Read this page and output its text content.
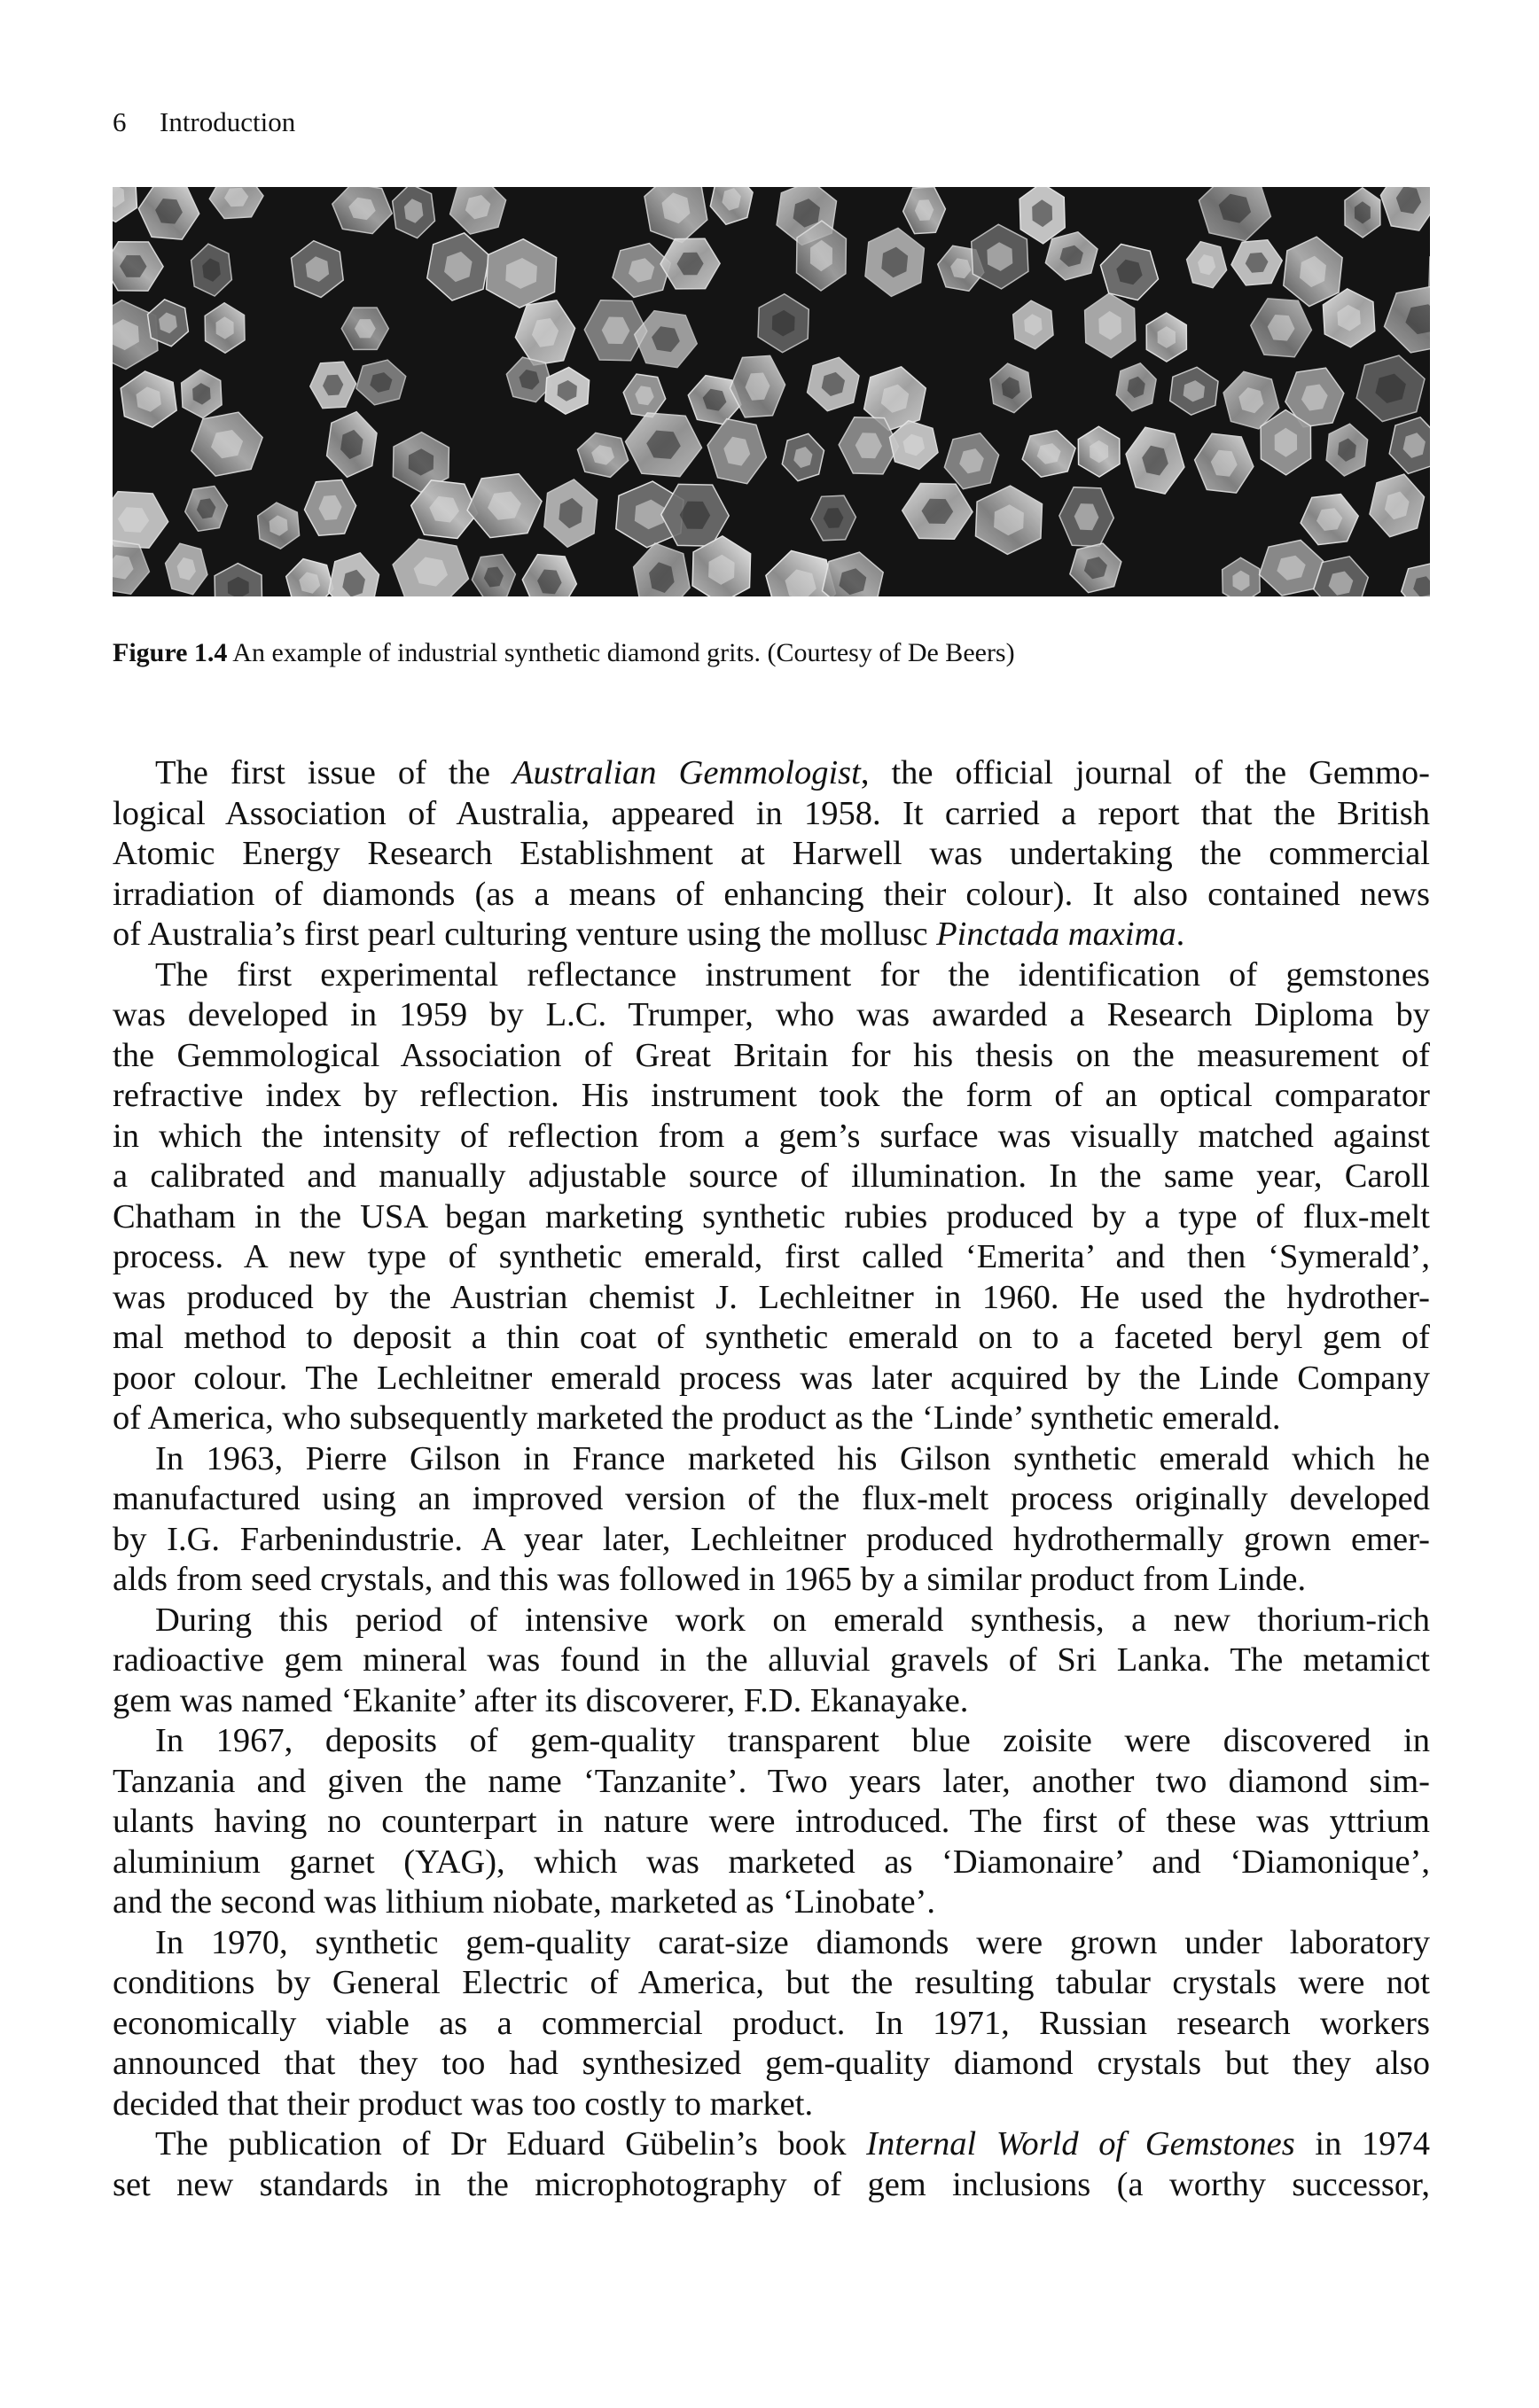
6 Introduction
Figure 1.4 An example of industrial synthetic diamond grits. (Courtesy of De Beers)
The first issue of the Australian Gemmologist, the official journal of the Gemmo-
logical Association of Australia, appeared in 1958. It carried a report that the British
Atomic Energy Research Establishment at Harwell was undertaking the commercial
irradiation of diamonds (as a means of enhancing their colour). It also contained news
of Australia’s first pearl culturing venture using the mollusc Pinctada maxima.
The first experimental reflectance instrument for the identification of gemstones
was developed in 1959 by L.C. Trumper, who was awarded a Research Diploma by
the Gemmological Association of Great Britain for his thesis on the measurement of
refractive index by reflection. His instrument took the form of an optical comparator
in which the intensity of reflection from a gem’s surface was visually matched against
a calibrated and manually adjustable source of illumination. In the same year, Caroll
Chatham in the USA began marketing synthetic rubies produced by a type of flux-melt
process. A new type of synthetic emerald, first called ‘Emerita’ and then ‘Symerald’,
was produced by the Austrian chemist J. Lechleitner in 1960. He used the hydrother-
mal method to deposit a thin coat of synthetic emerald on to a faceted beryl gem of
poor colour. The Lechleitner emerald process was later acquired by the Linde Company
of America, who subsequently marketed the product as the ‘Linde’ synthetic emerald.
In 1963, Pierre Gilson in France marketed his Gilson synthetic emerald which he
manufactured using an improved version of the flux-melt process originally developed
by I.G. Farbenindustrie. A year later, Lechleitner produced hydrothermally grown emer-
alds from seed crystals, and this was followed in 1965 by a similar product from Linde.
During this period of intensive work on emerald synthesis, a new thorium-rich
radioactive gem mineral was found in the alluvial gravels of Sri Lanka. The metamict
gem was named ‘Ekanite’ after its discoverer, F.D. Ekanayake.
In 1967, deposits of gem-quality transparent blue zoisite were discovered in
Tanzania and given the name ‘Tanzanite’. Two years later, another two diamond sim-
ulants having no counterpart in nature were introduced. The first of these was yttrium
aluminium garnet (YAG), which was marketed as ‘Diamonaire’ and ‘Diamonique’,
and the second was lithium niobate, marketed as ‘Linobate’.
In 1970, synthetic gem-quality carat-size diamonds were grown under laboratory
conditions by General Electric of America, but the resulting tabular crystals were not
economically viable as a commercial product. In 1971, Russian research workers
announced that they too had synthesized gem-quality diamond crystals but they also
decided that their product was too costly to market.
The publication of Dr Eduard Gübelin’s book Internal World of Gemstones in 1974
set new standards in the microphotography of gem inclusions (a worthy successor,
